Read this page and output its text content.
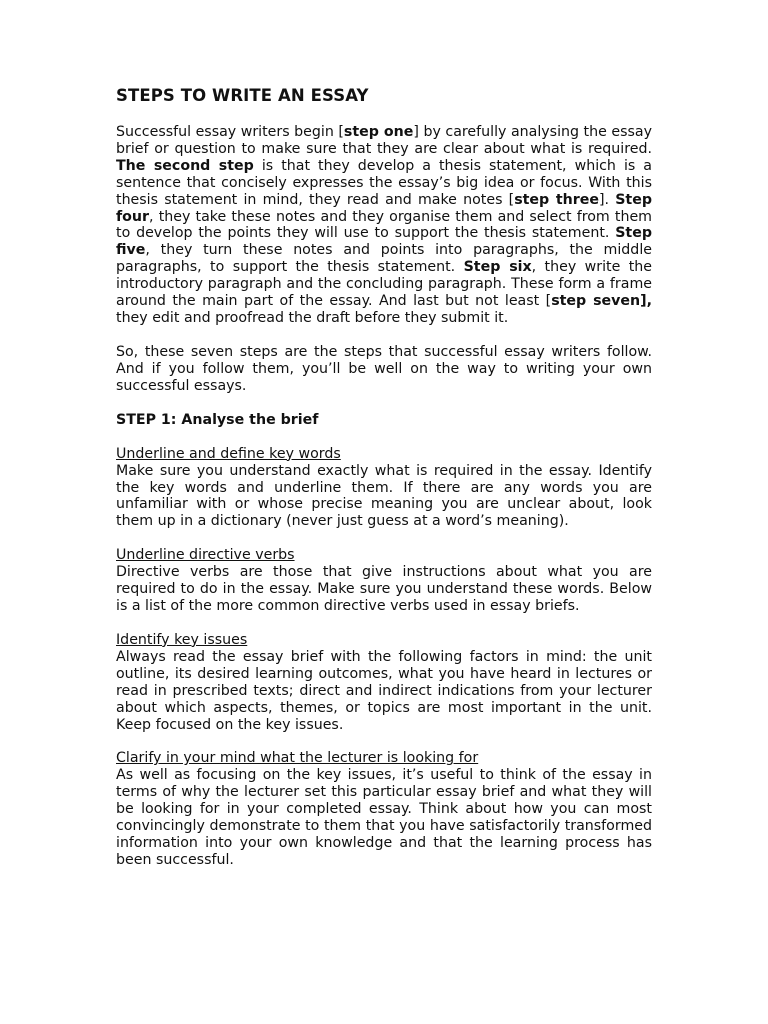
STEPS TO WRITE AN ESSAY

Successful essay writers begin [step one] by carefully analysing the essay brief or question to make sure that they are clear about what is required. The second step is that they develop a thesis statement, which is a sentence that concisely expresses the essay’s big idea or focus. With this thesis statement in mind, they read and make notes [step three]. Step four, they take these notes and they organise them and select from them to develop the points they will use to support the thesis statement. Step five, they turn these notes and points into paragraphs, the middle paragraphs, to support the thesis statement. Step six, they write the introductory paragraph and the concluding paragraph. These form a frame around the main part of the essay. And last but not least [step seven], they edit and proofread the draft before they submit it.

So, these seven steps are the steps that successful essay writers follow. And if you follow them, you’ll be well on the way to writing your own successful essays.

STEP 1: Analyse the brief
Underline and define key words

Make sure you understand exactly what is required in the essay. Identify the key words and underline them. If there are any words you are unfamiliar with or whose precise meaning you are unclear about, look them up in a dictionary (never just guess at a word’s meaning).

Underline directive verbs

Directive verbs are those that give instructions about what you are required to do in the essay. Make sure you understand these words. Below is a list of the more common directive verbs used in essay briefs.

Identify key issues

Always read the essay brief with the following factors in mind: the unit outline, its desired learning outcomes, what you have heard in lectures or read in prescribed texts; direct and indirect indications from your lecturer about which aspects, themes, or topics are most important in the unit. Keep focused on the key issues.

Clarify in your mind what the lecturer is looking for

As well as focusing on the key issues, it’s useful to think of the essay in terms of why the lecturer set this particular essay brief and what they will be looking for in your completed essay. Think about how you can most convincingly demonstrate to them that you have satisfactorily transformed information into your own knowledge and that the learning process has been successful.
